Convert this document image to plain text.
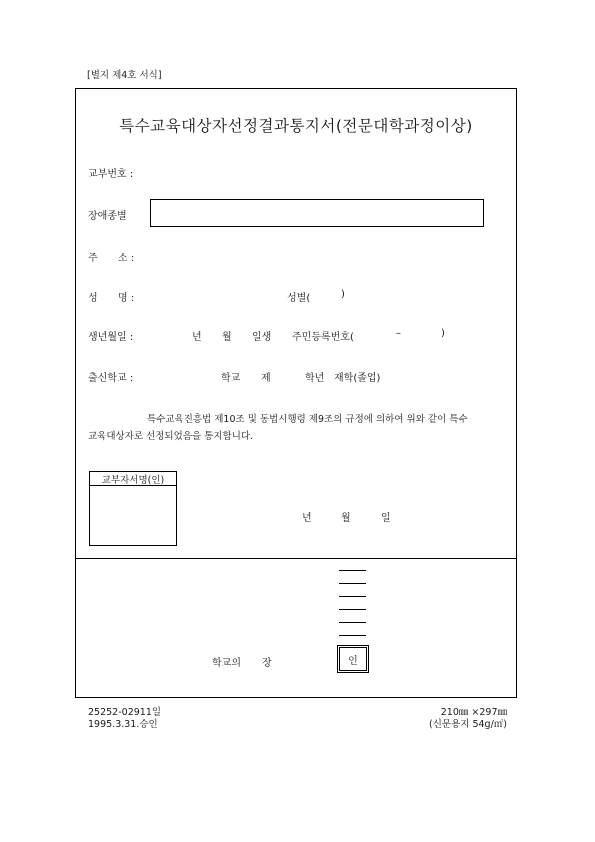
[별지 제4호 서식]
특수교육대상자선정결과통지서(전문대학과정이상)
교부번호 :
장애종별
주 소 :
성 명 :	성별(	)
생년월일 :	년 월 일생 주민등록번호(	–	)
출신학교 :	학교 제	학년 재학(졸업)
특수교육진흥법 제10조 및 동법시행령 제9조의 규정에 의하여 위와 같이 특수
교육대상자로 선정되었음을 통지합니다.
교부자서명(인)
년	월	일
학교의 장	인
25252-02911일
1995.3.31.승인
210㎜ ×297㎜
(신문용지 54g/㎡)
